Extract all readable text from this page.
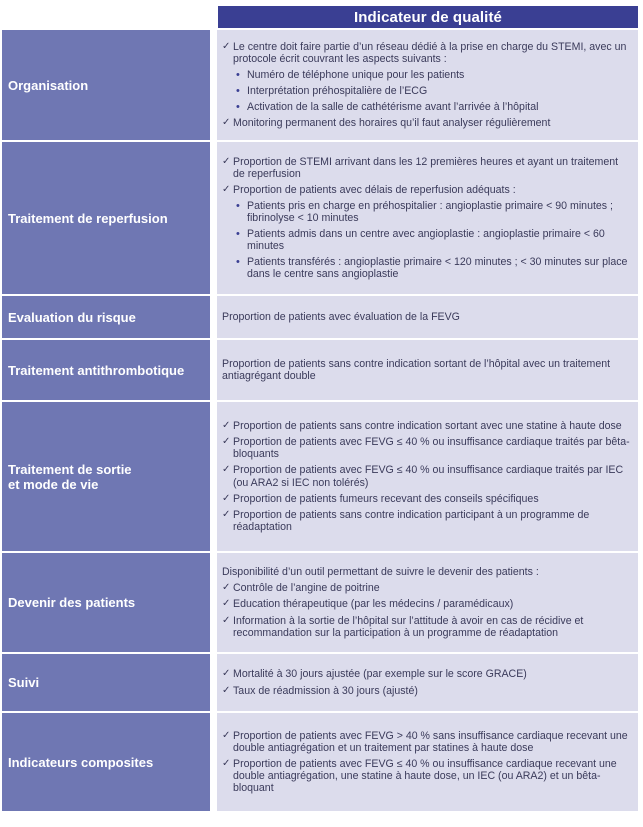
Indicateur de qualité
Organisation
✓ Le centre doit faire partie d’un réseau dédié à la prise en charge du STEMI, avec un protocole écrit couvrant les aspects suivants :
• Numéro de téléphone unique pour les patients
• Interprétation préhospitalière de l’ECG
• Activation de la salle de cathétérisme avant l’arrivée à l’hôpital
✓ Monitoring permanent des horaires qu’il faut analyser régulièrement
Traitement de reperfusion
✓ Proportion de STEMI arrivant dans les 12 premières heures et ayant un traitement de reperfusion
✓ Proportion de patients avec délais de reperfusion adéquats :
• Patients pris en charge en préhospitalier : angioplastie primaire < 90 minutes ; fibrinolyse < 10 minutes
• Patients admis dans un centre avec angioplastie : angioplastie primaire < 60 minutes
• Patients transférés : angioplastie primaire < 120 minutes ; < 30 minutes sur place dans le centre sans angioplastie
Evaluation du risque	Proportion de patients avec évaluation de la FEVG
Traitement antithrombotique	Proportion de patients sans contre indication sortant de l’hôpital avec un traitement antiagrégant double
Traitement de sortie
et mode de vie
✓ Proportion de patients sans contre indication sortant avec une statine à haute dose
✓ Proportion de patients avec FEVG ≤ 40 % ou insuffisance cardiaque traités par bêta-bloquants
✓ Proportion de patients avec FEVG ≤ 40 % ou insuffisance cardiaque traités par IEC (ou ARA2 si IEC non tolérés)
✓ Proportion de patients fumeurs recevant des conseils spécifiques
✓ Proportion de patients sans contre indication participant à un programme de réadaptation
Devenir des patients
Disponibilité d’un outil permettant de suivre le devenir des patients :
✓ Contrôle de l’angine de poitrine
✓ Education thérapeutique (par les médecins / paramédicaux)
✓ Information à la sortie de l’hôpital sur l’attitude à avoir en cas de récidive et recommandation sur la participation à un programme de réadaptation
Suivi
✓ Mortalité à 30 jours ajustée (par exemple sur le score GRACE)
✓ Taux de réadmission à 30 jours (ajusté)
Indicateurs composites
✓ Proportion de patients avec FEVG > 40 % sans insuffisance cardiaque recevant une double antiagrégation et un traitement par statines à haute dose
✓ Proportion de patients avec FEVG ≤ 40 % ou insuffisance cardiaque recevant une double antiagrégation, une statine à haute dose, un IEC (ou ARA2) et un bêta-bloquant
